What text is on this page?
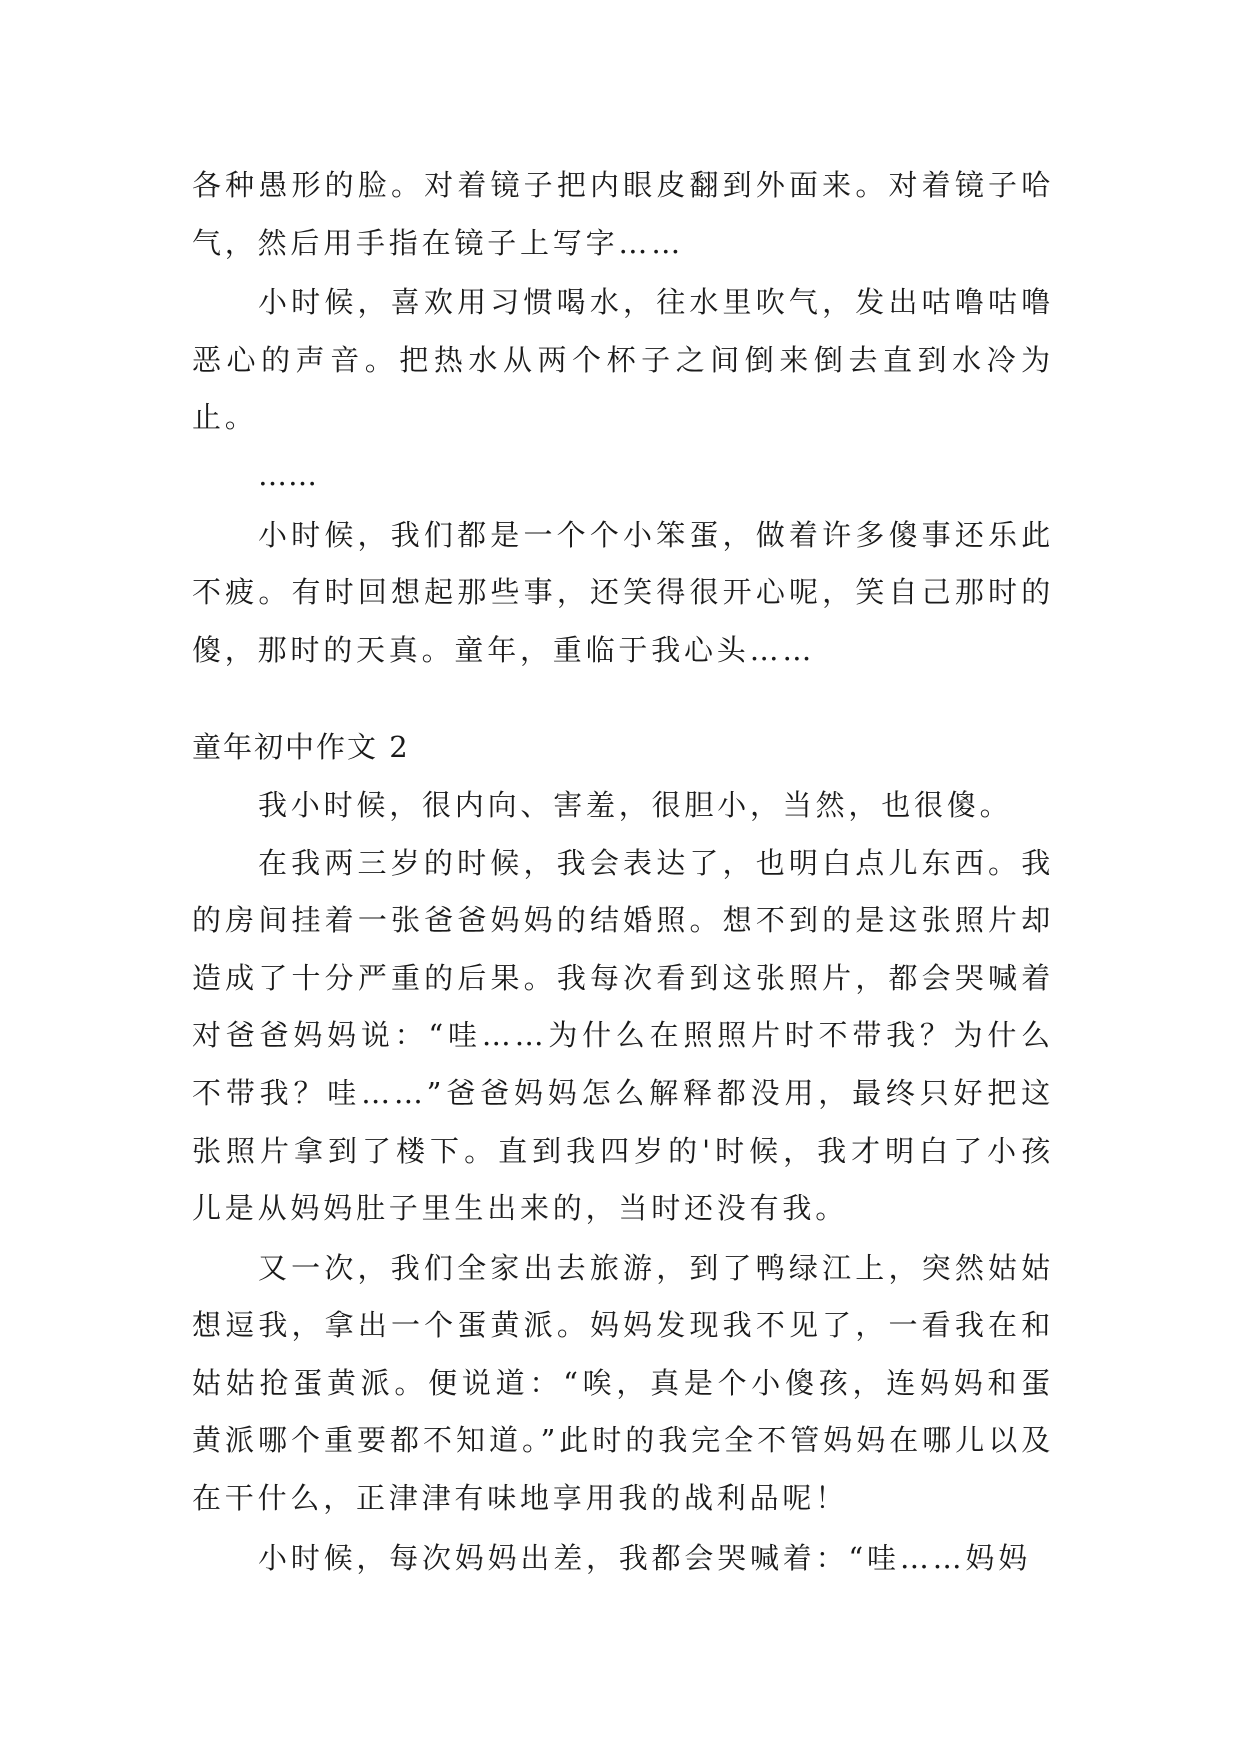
各种愚形的脸。对着镜子把内眼皮翻到外面来。对着镜子哈气，然后用手指在镜子上写字……

小时候，喜欢用习惯喝水，往水里吹气，发出咕噜咕噜恶心的声音。把热水从两个杯子之间倒来倒去直到水冷为止。

……

小时候，我们都是一个个小笨蛋，做着许多傻事还乐此不疲。有时回想起那些事，还笑得很开心呢，笑自己那时的傻，那时的天真。童年，重临于我心头……

童年初中作文 2

我小时候，很内向、害羞，很胆小，当然，也很傻。

在我两三岁的时候，我会表达了，也明白点儿东西。我的房间挂着一张爸爸妈妈的结婚照。想不到的是这张照片却造成了十分严重的后果。我每次看到这张照片，都会哭喊着对爸爸妈妈说：“哇……为什么在照照片时不带我？为什么不带我？哇……”爸爸妈妈怎么解释都没用，最终只好把这张照片拿到了楼下。直到我四岁的'时候，我才明白了小孩儿是从妈妈肚子里生出来的，当时还没有我。

又一次，我们全家出去旅游，到了鸭绿江上，突然姑姑想逗我，拿出一个蛋黄派。妈妈发现我不见了，一看我在和姑姑抢蛋黄派。便说道：“唉，真是个小傻孩，连妈妈和蛋黄派哪个重要都不知道。”此时的我完全不管妈妈在哪儿以及在干什么，正津津有味地享用我的战利品呢！

小时候，每次妈妈出差，我都会哭喊着：“哇……妈妈
